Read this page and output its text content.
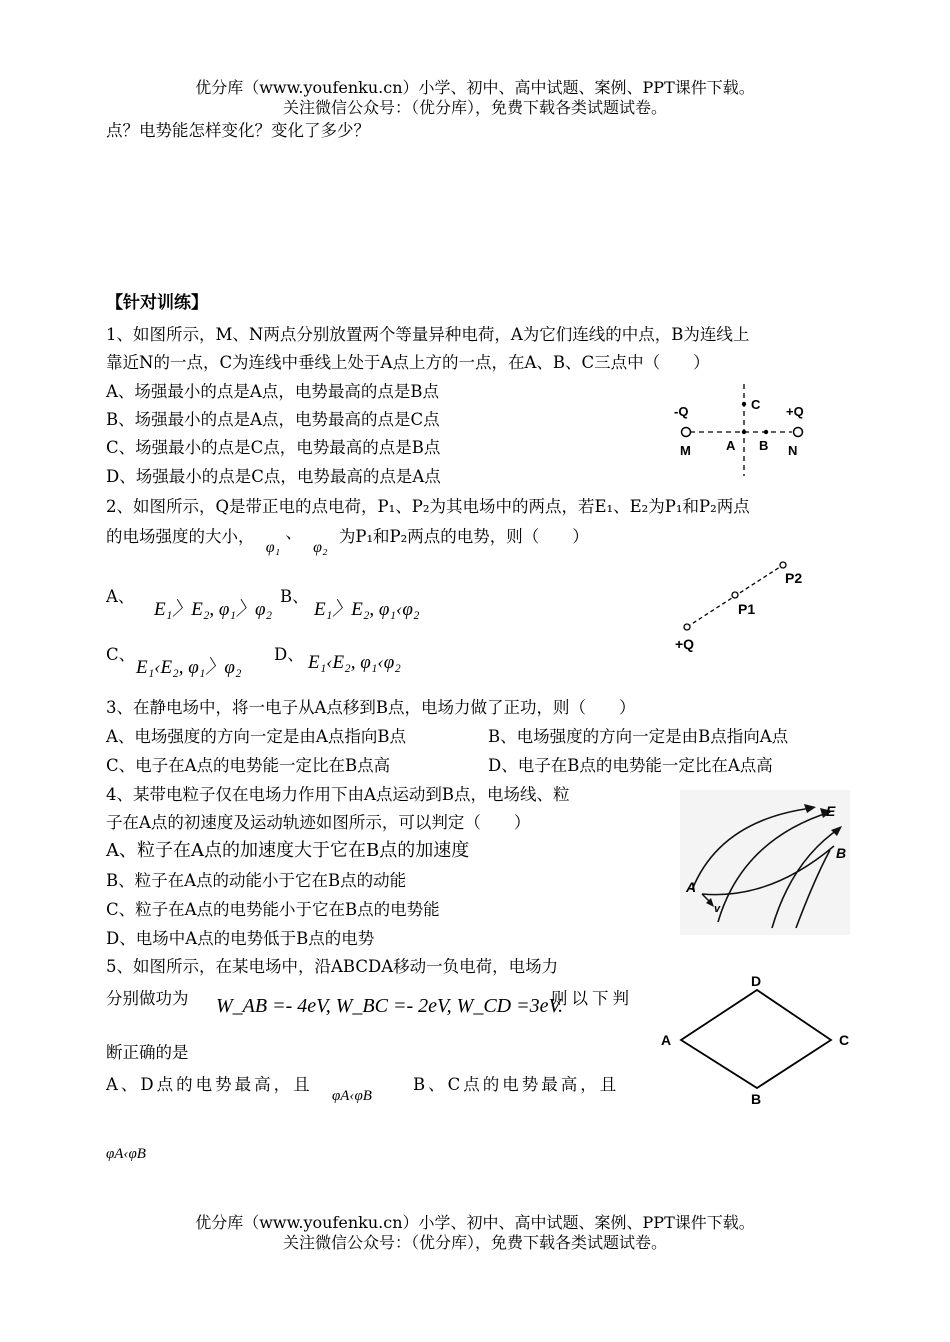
优分库（www.youfenku.cn）小学、初中、高中试题、案例、PPT课件下载。
关注微信公众号：（优分库），免费下载各类试题试卷。
点？电势能怎样变化？变化了多少？
【针对训练】
1、如图所示，M、N两点分别放置两个等量异种电荷，A为它们连线的中点，B为连线上
靠近N的一点，C为连线中垂线上处于A点上方的一点，在A、B、C三点中（　　）
A、场强最小的点是A点，电势最高的点是B点
B、场强最小的点是A点，电势最高的点是C点
C、场强最小的点是C点，电势最高的点是B点
D、场强最小的点是C点，电势最高的点是A点
-Q	+Q
C
M	A B N
2、如图所示，Q是带正电的点电荷，P₁、P₂为其电场中的两点，若E₁、E₂为P₁和P₂两点
的电场强度的大小， φ₁ 、 φ₂ 为P₁和P₂两点的电势，则（　　）
A、
E₁〉E₂, φ₁〉φ₂
B、
E₁〉E₂, φ₁‹φ₂
C、
E₁‹E₂, φ₁〉φ₂
D、 E₁‹E₂, φ₁‹φ₂
P2
P1
+Q
3、在静电场中，将一电子从A点移到B点，电场力做了正功，则（　　）
A、电场强度的方向一定是由A点指向B点	B、电场强度的方向一定是由B点指向A点
C、电子在A点的电势能一定比在B点高	D、电子在B点的电势能一定比在A点高
4、某带电粒子仅在电场力作用下由A点运动到B点，电场线、粒
子在A点的初速度及运动轨迹如图所示，可以判定（　　）
A、粒子在A点的加速度大于它在B点的加速度
B、粒子在A点的动能小于它在B点的动能
C、粒子在A点的电势能小于它在B点的电势能
D、电场中A点的电势低于B点的电势
E
B
A
v
5、如图所示，在某电场中，沿ABCDA移动一负电荷，电场力
分别做功为 W_AB =- 4eV, W_BC =- 2eV, W_CD =3eV.
则以下判
断正确的是
A、D点的电势最高，且
φA‹φB
B、C点的电势最高，且
φA‹φB
D
A	C
B
优分库（www.youfenku.cn）小学、初中、高中试题、案例、PPT课件下载。
关注微信公众号：（优分库），免费下载各类试题试卷。
